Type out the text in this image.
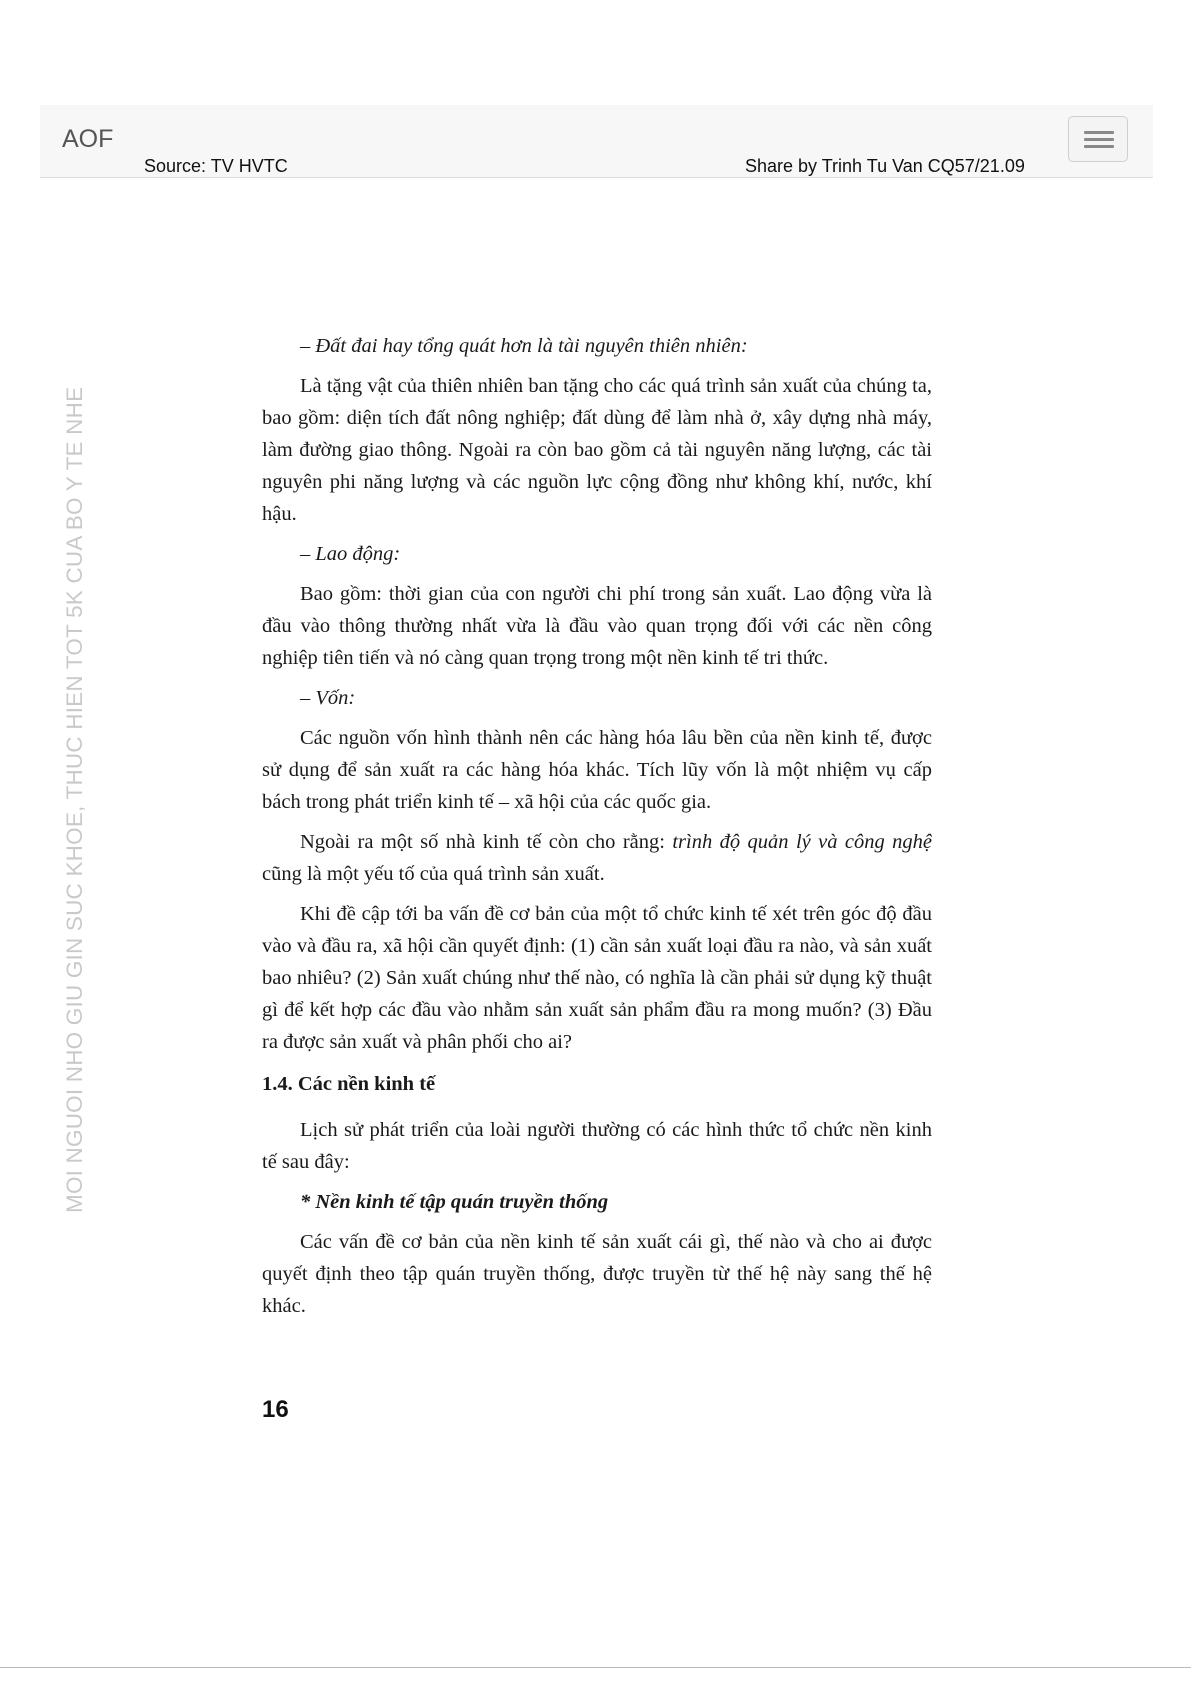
AOF
Source: TV HVTC	Share by Trinh Tu Van CQ57/21.09
MOI NGUOI NHO GIU GIN SUC KHOE, THUC HIEN TOT 5K CUA BO Y TE NHE

– Đất đai hay tổng quát hơn là tài nguyên thiên nhiên:

Là tặng vật của thiên nhiên ban tặng cho các quá trình sản xuất của chúng ta, bao gồm: diện tích đất nông nghiệp; đất dùng để làm nhà ở, xây dựng nhà máy, làm đường giao thông. Ngoài ra còn bao gồm cả tài nguyên năng lượng, các tài nguyên phi năng lượng và các nguồn lực cộng đồng như không khí, nước, khí hậu.

– Lao động:

Bao gồm: thời gian của con người chi phí trong sản xuất. Lao động vừa là đầu vào thông thường nhất vừa là đầu vào quan trọng đối với các nền công nghiệp tiên tiến và nó càng quan trọng trong một nền kinh tế tri thức.

– Vốn:

Các nguồn vốn hình thành nên các hàng hóa lâu bền của nền kinh tế, được sử dụng để sản xuất ra các hàng hóa khác. Tích lũy vốn là một nhiệm vụ cấp bách trong phát triển kinh tế – xã hội của các quốc gia.

Ngoài ra một số nhà kinh tế còn cho rằng: trình độ quản lý và công nghệ cũng là một yếu tố của quá trình sản xuất.

Khi đề cập tới ba vấn đề cơ bản của một tổ chức kinh tế xét trên góc độ đầu vào và đầu ra, xã hội cần quyết định: (1) cần sản xuất loại đầu ra nào, và sản xuất bao nhiêu? (2) Sản xuất chúng như thế nào, có nghĩa là cần phải sử dụng kỹ thuật gì để kết hợp các đầu vào nhằm sản xuất sản phẩm đầu ra mong muốn? (3) Đầu ra được sản xuất và phân phối cho ai?

1.4. Các nền kinh tế

Lịch sử phát triển của loài người thường có các hình thức tổ chức nền kinh tế sau đây:

* Nền kinh tế tập quán truyền thống

Các vấn đề cơ bản của nền kinh tế sản xuất cái gì, thế nào và cho ai được quyết định theo tập quán truyền thống, được truyền từ thế hệ này sang thế hệ khác.

16
